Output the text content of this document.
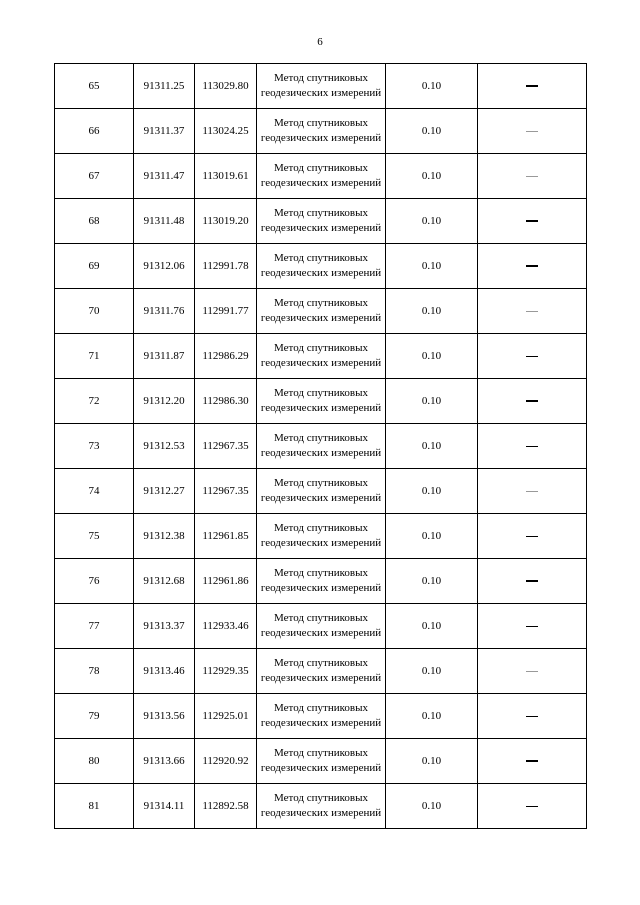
6
65	91311.25	113029.80	Метод спутниковых геодезических измерений	0.10	
66	91311.37	113024.25	Метод спутниковых геодезических измерений	0.10	
67	91311.47	113019.61	Метод спутниковых геодезических измерений	0.10	
68	91311.48	113019.20	Метод спутниковых геодезических измерений	0.10	
69	91312.06	112991.78	Метод спутниковых геодезических измерений	0.10	
70	91311.76	112991.77	Метод спутниковых геодезических измерений	0.10	
71	91311.87	112986.29	Метод спутниковых геодезических измерений	0.10	
72	91312.20	112986.30	Метод спутниковых геодезических измерений	0.10	
73	91312.53	112967.35	Метод спутниковых геодезических измерений	0.10	
74	91312.27	112967.35	Метод спутниковых геодезических измерений	0.10	
75	91312.38	112961.85	Метод спутниковых геодезических измерений	0.10	
76	91312.68	112961.86	Метод спутниковых геодезических измерений	0.10	
77	91313.37	112933.46	Метод спутниковых геодезических измерений	0.10	
78	91313.46	112929.35	Метод спутниковых геодезических измерений	0.10	
79	91313.56	112925.01	Метод спутниковых геодезических измерений	0.10	
80	91313.66	112920.92	Метод спутниковых геодезических измерений	0.10	
81	91314.11	112892.58	Метод спутниковых геодезических измерений	0.10	
